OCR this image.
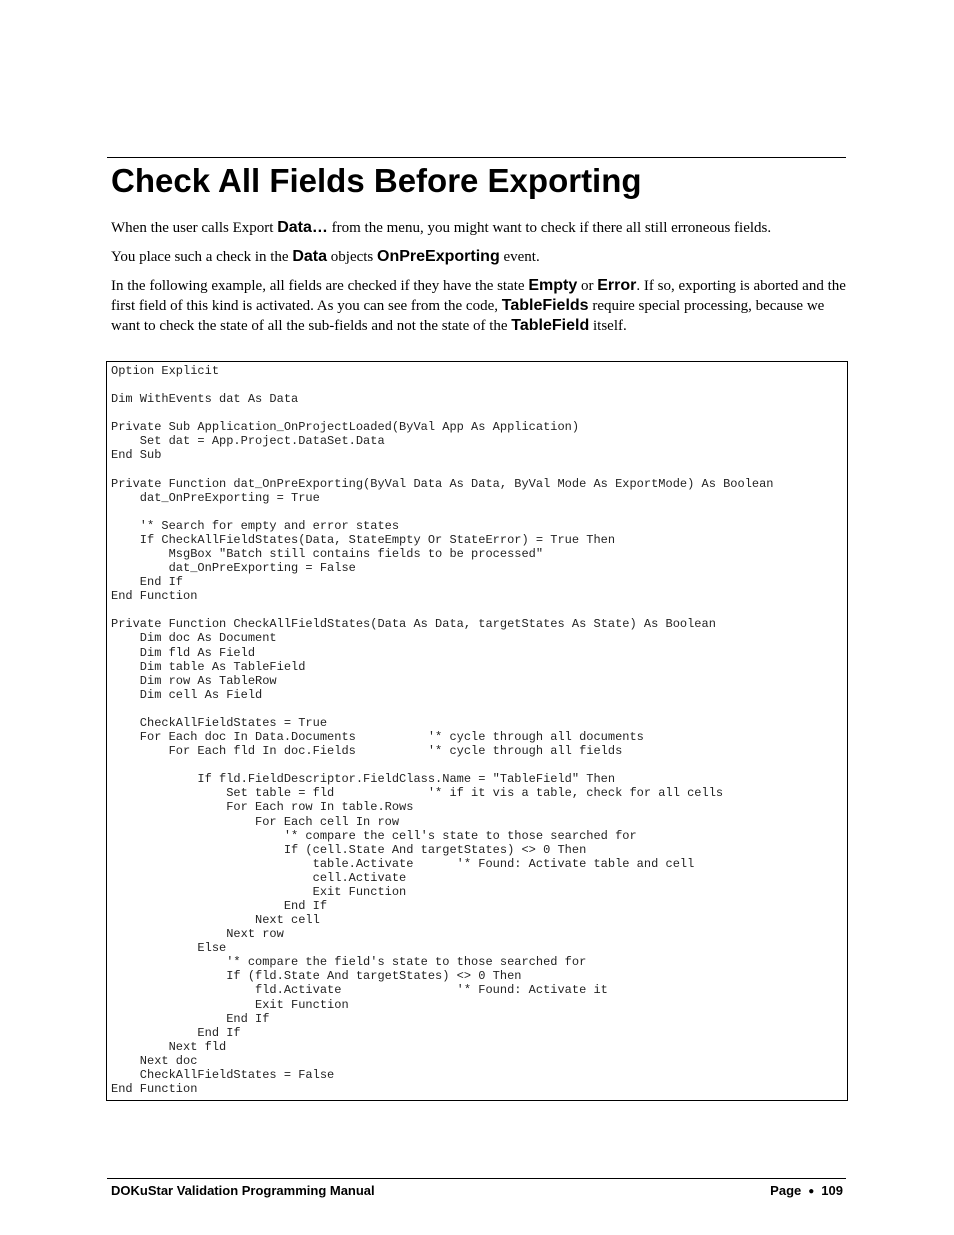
Check All Fields Before Exporting

When the user calls Export Data… from the menu, you might want to check if there all still erroneous fields.

You place such a check in the Data objects OnPreExporting event.

In the following example, all fields are checked if they have the state Empty or Error. If so, exporting is aborted and the first field of this kind is activated. As you can see from the code, TableFields require special processing, because we want to check the state of all the sub-fields and not the state of the TableField itself.

Option Explicit

Dim WithEvents dat As Data

Private Sub Application_OnProjectLoaded(ByVal App As Application)
Set dat = App.Project.DataSet.Data
End Sub

Private Function dat_OnPreExporting(ByVal Data As Data, ByVal Mode As ExportMode) As Boolean
dat_OnPreExporting = True

'* Search for empty and error states
If CheckAllFieldStates(Data, StateEmpty Or StateError) = True Then
MsgBox "Batch still contains fields to be processed"
dat_OnPreExporting = False
End If
End Function

Private Function CheckAllFieldStates(Data As Data, targetStates As State) As Boolean
Dim doc As Document
Dim fld As Field
Dim table As TableField
Dim row As TableRow
Dim cell As Field

CheckAllFieldStates = True
For Each doc In Data.Documents          '* cycle through all documents
For Each fld In doc.Fields          '* cycle through all fields

If fld.FieldDescriptor.FieldClass.Name = "TableField" Then
Set table = fld             '* if it vis a table, check for all cells
For Each row In table.Rows
For Each cell In row
'* compare the cell's state to those searched for
If (cell.State And targetStates) <> 0 Then
table.Activate      '* Found: Activate table and cell
cell.Activate
Exit Function
End If
Next cell
Next row
Else
'* compare the field's state to those searched for
If (fld.State And targetStates) <> 0 Then
fld.Activate                '* Found: Activate it
Exit Function
End If
End If
Next fld
Next doc
CheckAllFieldStates = False
End Function
DOKuStar Validation Programming Manual	Page ● 109
